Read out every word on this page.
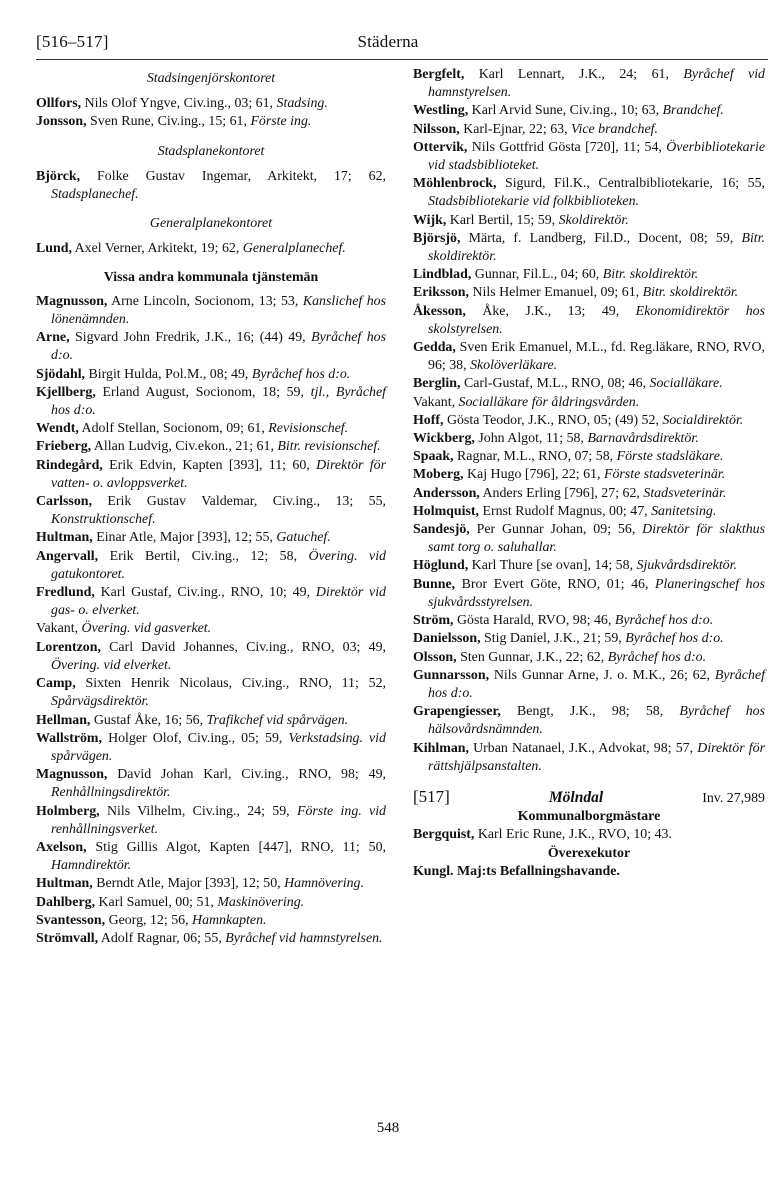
[516–517]	Städerna
Stadsingenjörskontoret

Ollfors, Nils Olof Yngve, Civ.ing., 03; 61, Stadsing.

Jonsson, Sven Rune, Civ.ing., 15; 61, Förste ing.

Stadsplanekontoret

Björck, Folke Gustav Ingemar, Arkitekt, 17; 62, Stadsplanechef.

Generalplanekontoret

Lund, Axel Verner, Arkitekt, 19; 62, Generalplanechef.

Vissa andra kommunala tjänstemän

Magnusson, Arne Lincoln, Socionom, 13; 53, Kanslichef hos lönenämnden.

Arne, Sigvard John Fredrik, J.K., 16; (44) 49, Byråchef hos d:o.

Sjödahl, Birgit Hulda, Pol.M., 08; 49, Byråchef hos d:o.

Kjellberg, Erland August, Socionom, 18; 59, tjl., Byråchef hos d:o.

Wendt, Adolf Stellan, Socionom, 09; 61, Revisionschef.

Frieberg, Allan Ludvig, Civ.ekon., 21; 61, Bitr. revisionschef.

Rindegård, Erik Edvin, Kapten [393], 11; 60, Direktör för vatten- o. avloppsverket.

Carlsson, Erik Gustav Valdemar, Civ.ing., 13; 55, Konstruktionschef.

Hultman, Einar Atle, Major [393], 12; 55, Gatuchef.

Angervall, Erik Bertil, Civ.ing., 12; 58, Övering. vid gatukontoret.

Fredlund, Karl Gustaf, Civ.ing., RNO, 10; 49, Direktör vid gas- o. elverket.

Vakant, Övering. vid gasverket.

Lorentzon, Carl David Johannes, Civ.ing., RNO, 03; 49, Övering. vid elverket.

Camp, Sixten Henrik Nicolaus, Civ.ing., RNO, 11; 52, Spårvägsdirektör.

Hellman, Gustaf Åke, 16; 56, Trafikchef vid spårvägen.

Wallström, Holger Olof, Civ.ing., 05; 59, Verkstadsing. vid spårvägen.

Magnusson, David Johan Karl, Civ.ing., RNO, 98; 49, Renhållningsdirektör.

Holmberg, Nils Vilhelm, Civ.ing., 24; 59, Förste ing. vid renhållningsverket.

Axelson, Stig Gillis Algot, Kapten [447], RNO, 11; 50, Hamndirektör.

Hultman, Berndt Atle, Major [393], 12; 50, Hamnövering.

Dahlberg, Karl Samuel, 00; 51, Maskinövering.

Svantesson, Georg, 12; 56, Hamnkapten.

Strömvall, Adolf Ragnar, 06; 55, Byråchef vid hamnstyrelsen.

Bergfelt, Karl Lennart, J.K., 24; 61, Byråchef vid hamnstyrelsen.

Westling, Karl Arvid Sune, Civ.ing., 10; 63, Brandchef.

Nilsson, Karl-Ejnar, 22; 63, Vice brandchef.

Ottervik, Nils Gottfrid Gösta [720], 11; 54, Överbibliotekarie vid stadsbiblioteket.

Möhlenbrock, Sigurd, Fil.K., Centralbibliotekarie, 16; 55, Stadsbibliotekarie vid folkbiblioteken.

Wijk, Karl Bertil, 15; 59, Skoldirektör.

Björsjö, Märta, f. Landberg, Fil.D., Docent, 08; 59, Bitr. skoldirektör.

Lindblad, Gunnar, Fil.L., 04; 60, Bitr. skoldirektör.

Eriksson, Nils Helmer Emanuel, 09; 61, Bitr. skoldirektör.

Åkesson, Åke, J.K., 13; 49, Ekonomidirektör hos skolstyrelsen.

Gedda, Sven Erik Emanuel, M.L., fd. Reg.läkare, RNO, RVO, 96; 38, Skolöverläkare.

Berglin, Carl-Gustaf, M.L., RNO, 08; 46, Socialläkare.

Vakant, Socialläkare för åldringsvården.

Hoff, Gösta Teodor, J.K., RNO, 05; (49) 52, Socialdirektör.

Wickberg, John Algot, 11; 58, Barnavårdsdirektör.

Spaak, Ragnar, M.L., RNO, 07; 58, Förste stadsläkare.

Moberg, Kaj Hugo [796], 22; 61, Förste stadsveterinär.

Andersson, Anders Erling [796], 27; 62, Stadsveterinär.

Holmquist, Ernst Rudolf Magnus, 00; 47, Sanitetsing.

Sandesjö, Per Gunnar Johan, 09; 56, Direktör för slakthus samt torg o. saluhallar.

Höglund, Karl Thure [se ovan], 14; 58, Sjukvårdsdirektör.

Bunne, Bror Evert Göte, RNO, 01; 46, Planeringschef hos sjukvårdsstyrelsen.

Ström, Gösta Harald, RVO, 98; 46, Byråchef hos d:o.

Danielsson, Stig Daniel, J.K., 21; 59, Byråchef hos d:o.

Olsson, Sten Gunnar, J.K., 22; 62, Byråchef hos d:o.

Gunnarsson, Nils Gunnar Arne, J. o. M.K., 26; 62, Byråchef hos d:o.

Grapengiesser, Bengt, J.K., 98; 58, Byråchef hos hälsovårdsnämnden.

Kihlman, Urban Natanael, J.K., Advokat, 98; 57, Direktör för rättshjälpsanstalten.

[517]	Mölndal	Inv. 27,989
Kommunalborgmästare

Bergquist, Karl Eric Rune, J.K., RVO, 10; 43.

Överexekutor

Kungl. Maj:ts Befallningshavande.

548
